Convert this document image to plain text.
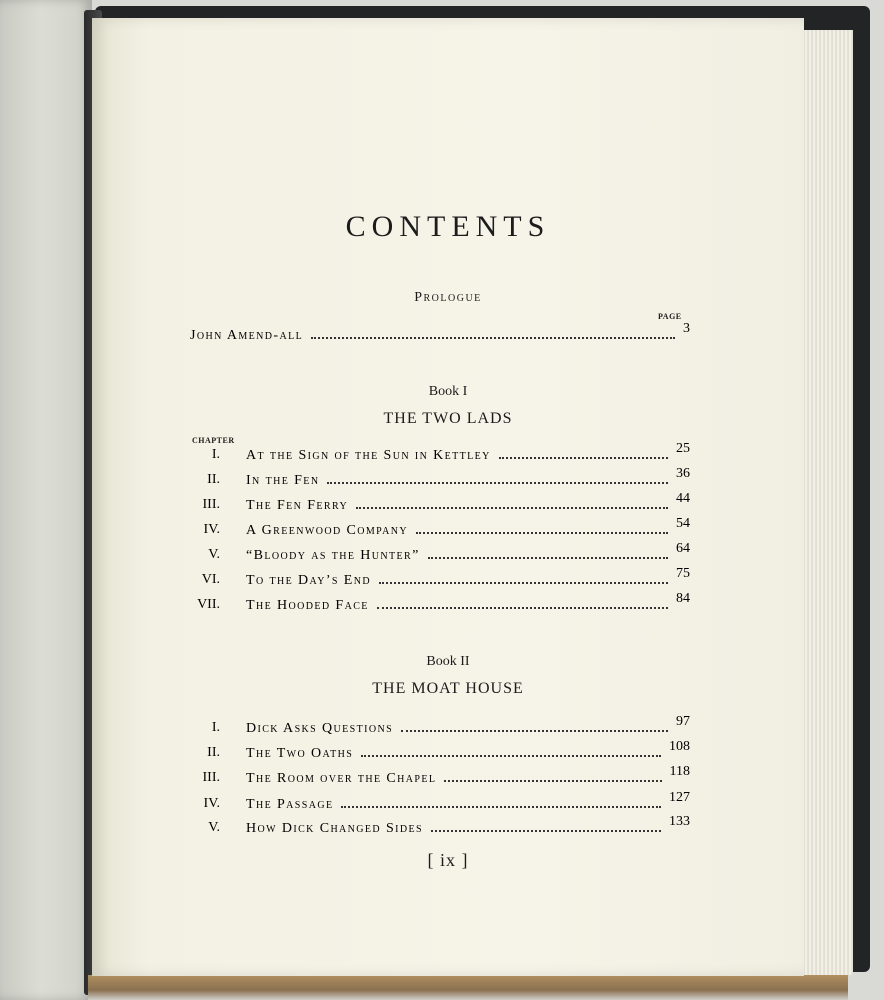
CONTENTS
Prologue
PAGE
John Amend-all	3
Book I
THE TWO LADS
CHAPTER
I. At the Sign of the Sun in Kettley	25
II. In the Fen	36
III. The Fen Ferry	44
IV. A Greenwood Company	54
V. “Bloody as the Hunter”	64
VI. To the Day’s End	75
VII. The Hooded Face	84
Book II
THE MOAT HOUSE
I. Dick Asks Questions	97
II. The Two Oaths	108
III. The Room over the Chapel	118
IV. The Passage	127
V. How Dick Changed Sides	133
[ ix ]
